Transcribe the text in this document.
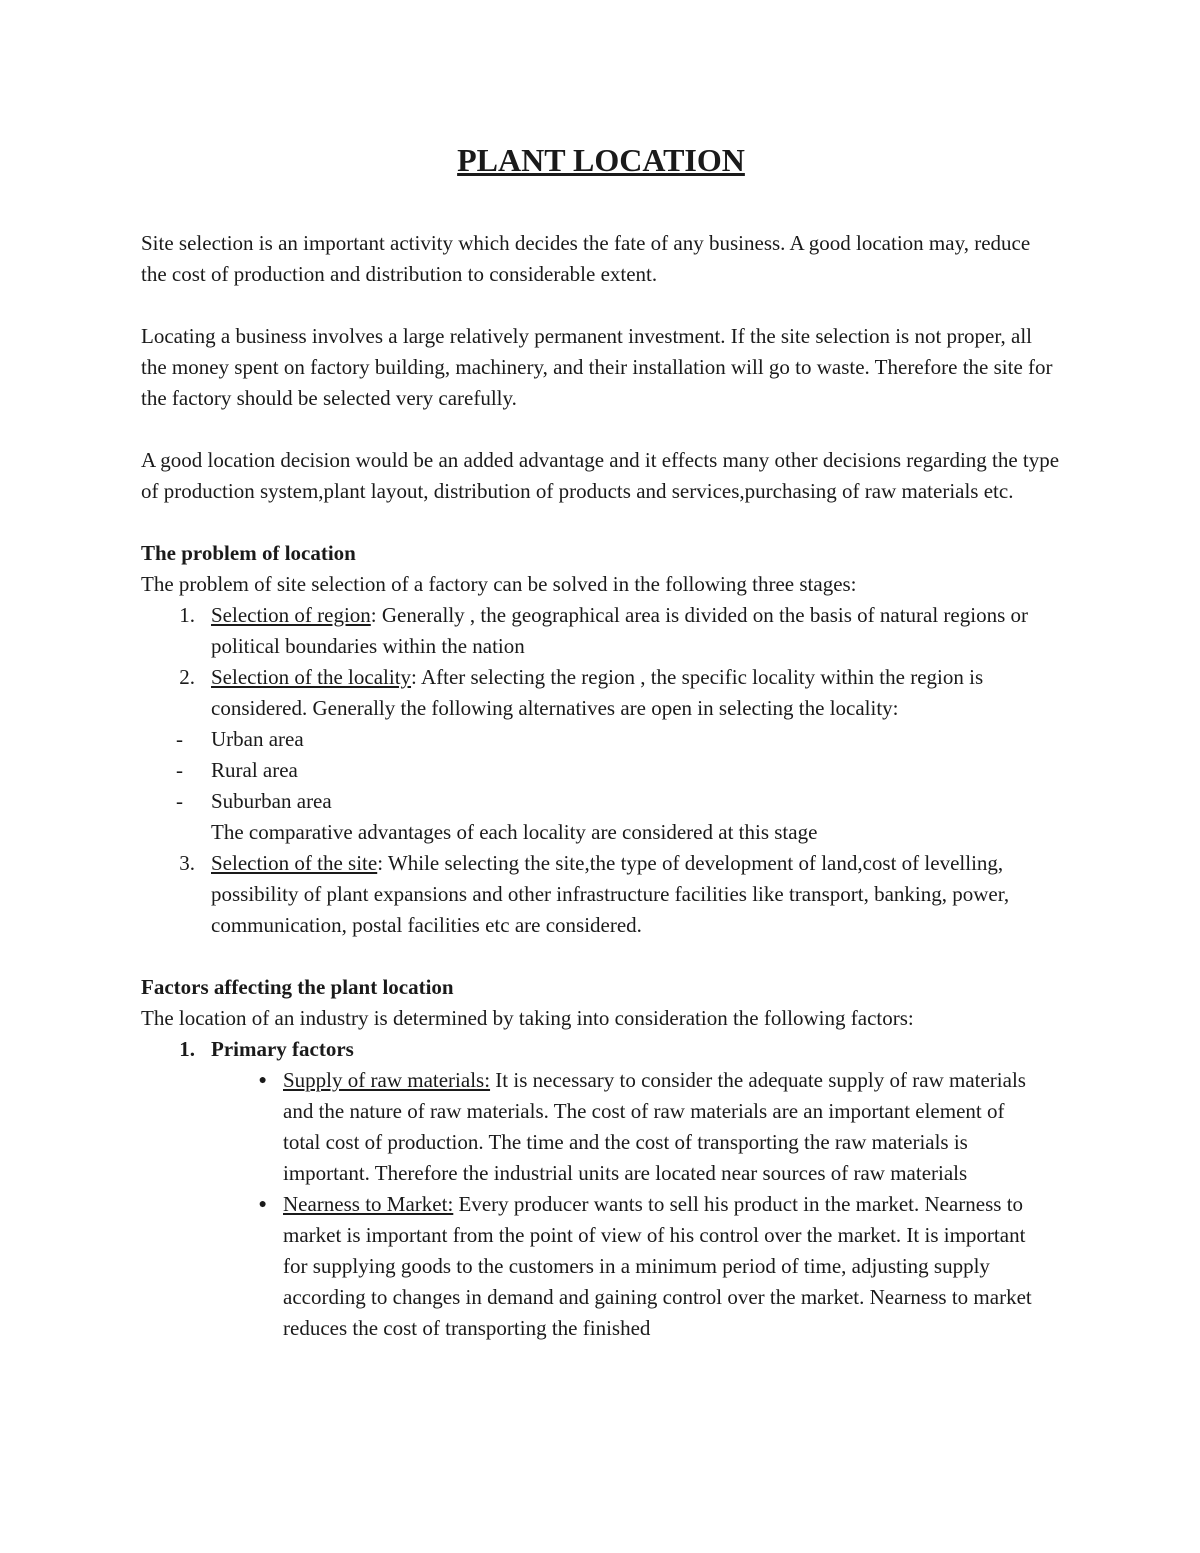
PLANT LOCATION

Site selection is an important activity which decides the fate of any business. A good location may, reduce the cost of production and distribution to considerable extent.

Locating a business involves a large relatively permanent investment. If the site selection is not proper, all the money spent on factory building, machinery, and their installation will go to waste. Therefore the site for the factory should be selected very carefully.

A good location decision would be an added advantage and it effects many other decisions regarding the type of production system,plant layout, distribution of products and services,purchasing of raw materials etc.

The problem of location

The problem of site selection of a factory can be solved in the following three stages:

1. Selection of region: Generally , the geographical area is divided on the basis of natural regions or political boundaries within the nation
2. Selection of the locality: After selecting the region , the specific locality within the region is considered. Generally the following alternatives are open in selecting the locality:
-	Urban area
-	Rural area
-	Suburban area

The comparative advantages of each locality are considered at this stage

3. Selection of the site: While selecting the site,the type of development of land,cost of levelling, possibility of plant expansions and other infrastructure facilities like transport, banking, power, communication, postal facilities etc are considered.

Factors affecting the plant location

The location of an industry is determined by taking into consideration the following factors:

1. Primary factors
● Supply of raw materials: It is necessary to consider the adequate supply of raw materials and the nature of raw materials. The cost of raw materials are an important element of total cost of production. The time and the cost of transporting the raw materials is important. Therefore the industrial units are located near sources of raw materials
● Nearness to Market: Every producer wants to sell his product in the market. Nearness to market is important from the point of view of his control over the market. It is important for supplying goods to the customers in a minimum period of time, adjusting supply according to changes in demand and gaining control over the market. Nearness to market reduces the cost of transporting the finished
